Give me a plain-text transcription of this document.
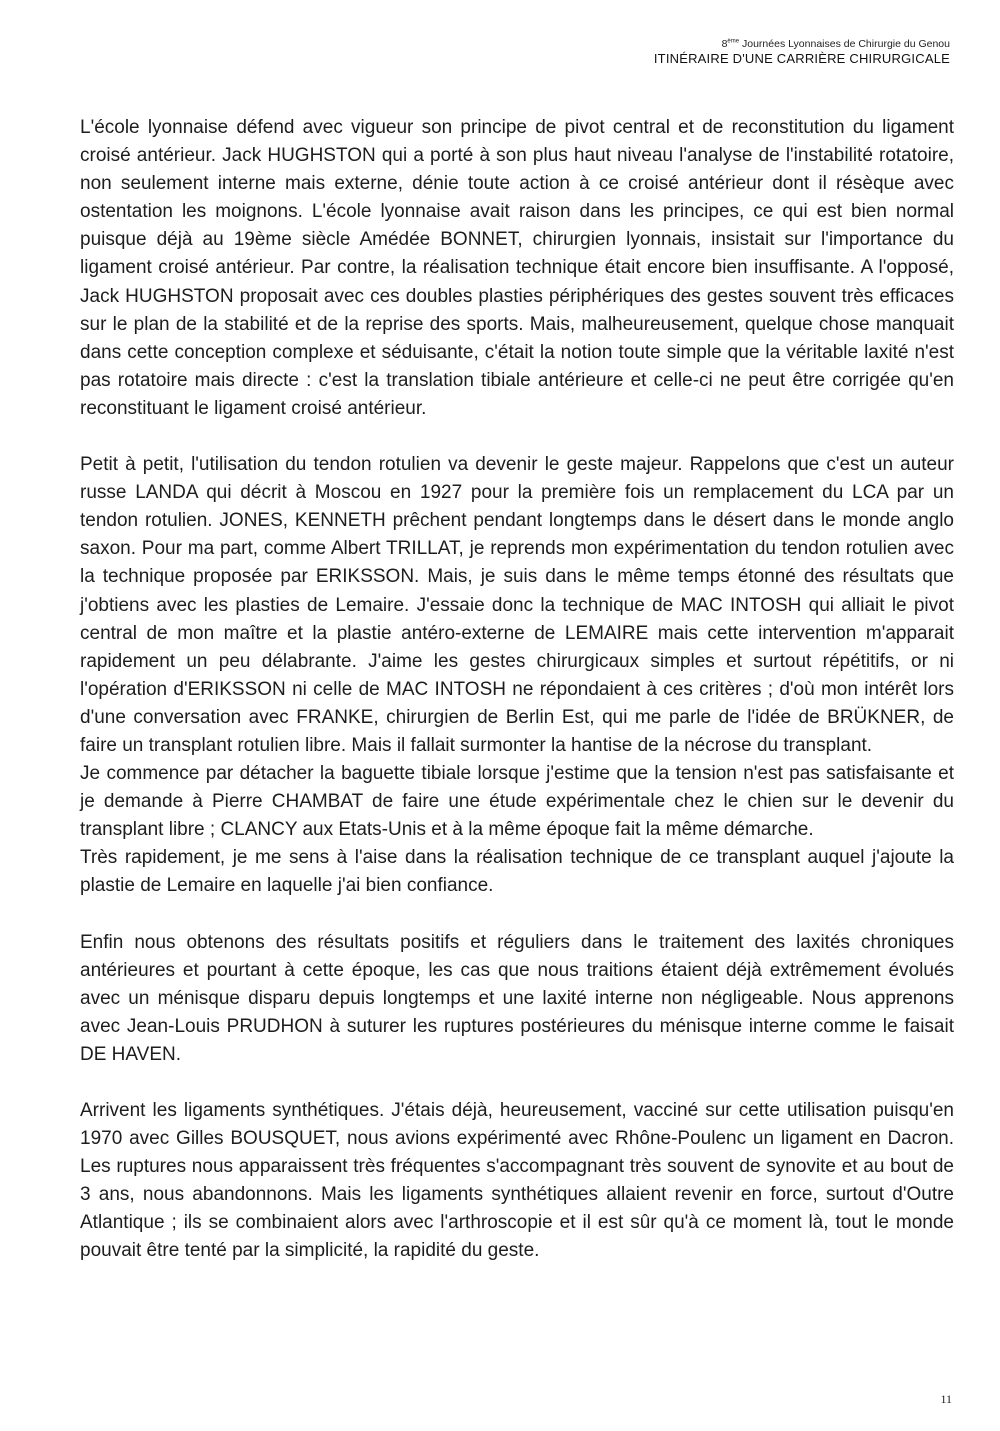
8ème Journées Lyonnaises de Chirurgie du Genou
ITINÉRAIRE D'UNE CARRIÈRE CHIRURGICALE

L'école lyonnaise défend avec vigueur son principe de pivot central et de reconstitution du ligament croisé antérieur. Jack HUGHSTON qui a porté à son plus haut niveau l'analyse de l'instabilité rotatoire, non seulement interne mais externe, dénie toute action à ce croisé antérieur dont il résèque avec ostentation les moignons. L'école lyonnaise avait raison dans les principes, ce qui est bien normal puisque déjà au 19ème siècle Amédée BONNET, chirurgien lyonnais, insistait sur l'importance du ligament croisé antérieur. Par contre, la réalisation technique était encore bien insuffisante. A l'opposé, Jack HUGHSTON proposait avec ces doubles plasties périphériques des gestes souvent très efficaces sur le plan de la stabilité et de la reprise des sports. Mais, malheureusement, quelque chose manquait dans cette conception complexe et séduisante, c'était la notion toute simple que la véritable laxité n'est pas rotatoire mais directe : c'est la translation tibiale antérieure et celle-ci ne peut être corrigée qu'en reconstituant le ligament croisé antérieur.

Petit à petit, l'utilisation du tendon rotulien va devenir le geste majeur. Rappelons que c'est un auteur russe LANDA qui décrit à Moscou en 1927 pour la première fois un remplacement du LCA par un tendon rotulien. JONES, KENNETH prêchent pendant longtemps dans le désert dans le monde anglo saxon. Pour ma part, comme Albert TRILLAT, je reprends mon expérimentation du tendon rotulien avec la technique proposée par ERIKSSON. Mais, je suis dans le même temps étonné des résultats que j'obtiens avec les plasties de Lemaire. J'essaie donc la technique de MAC INTOSH qui alliait le pivot central de mon maître et la plastie antéro-externe de LEMAIRE mais cette intervention m'apparait rapidement un peu délabrante. J'aime les gestes chirurgicaux simples et surtout répétitifs, or ni l'opération d'ERIKSSON ni celle de MAC INTOSH ne répondaient à ces critères ; d'où mon intérêt lors d'une conversation avec FRANKE, chirurgien de Berlin Est, qui me parle de l'idée de BRÜKNER, de faire un transplant rotulien libre. Mais il fallait surmonter la hantise de la nécrose du transplant.

Je commence par détacher la baguette tibiale lorsque j'estime que la tension n'est pas satisfaisante et je demande à Pierre CHAMBAT de faire une étude expérimentale chez le chien sur le devenir du transplant libre ; CLANCY aux Etats-Unis et à la même époque fait la même démarche.

Très rapidement, je me sens à l'aise dans la réalisation technique de ce transplant auquel j'ajoute la plastie de Lemaire en laquelle j'ai bien confiance.

Enfin nous obtenons des résultats positifs et réguliers dans le traitement des laxités chroniques antérieures et pourtant à cette époque, les cas que nous traitions étaient déjà extrêmement évolués avec un ménisque disparu depuis longtemps et une laxité interne non négligeable. Nous apprenons avec Jean-Louis PRUDHON à suturer les ruptures postérieures du ménisque interne comme le faisait DE HAVEN.

Arrivent les ligaments synthétiques. J'étais déjà, heureusement, vacciné sur cette utilisation puisqu'en 1970 avec Gilles BOUSQUET, nous avions expérimenté avec Rhône-Poulenc un ligament en Dacron. Les ruptures nous apparaissent très fréquentes s'accompagnant très souvent de synovite et au bout de 3 ans, nous abandonnons. Mais les ligaments synthétiques allaient revenir en force, surtout d'Outre Atlantique ; ils se combinaient alors avec l'arthroscopie et il est sûr qu'à ce moment là, tout le monde pouvait être tenté par la simplicité, la rapidité du geste.

11
